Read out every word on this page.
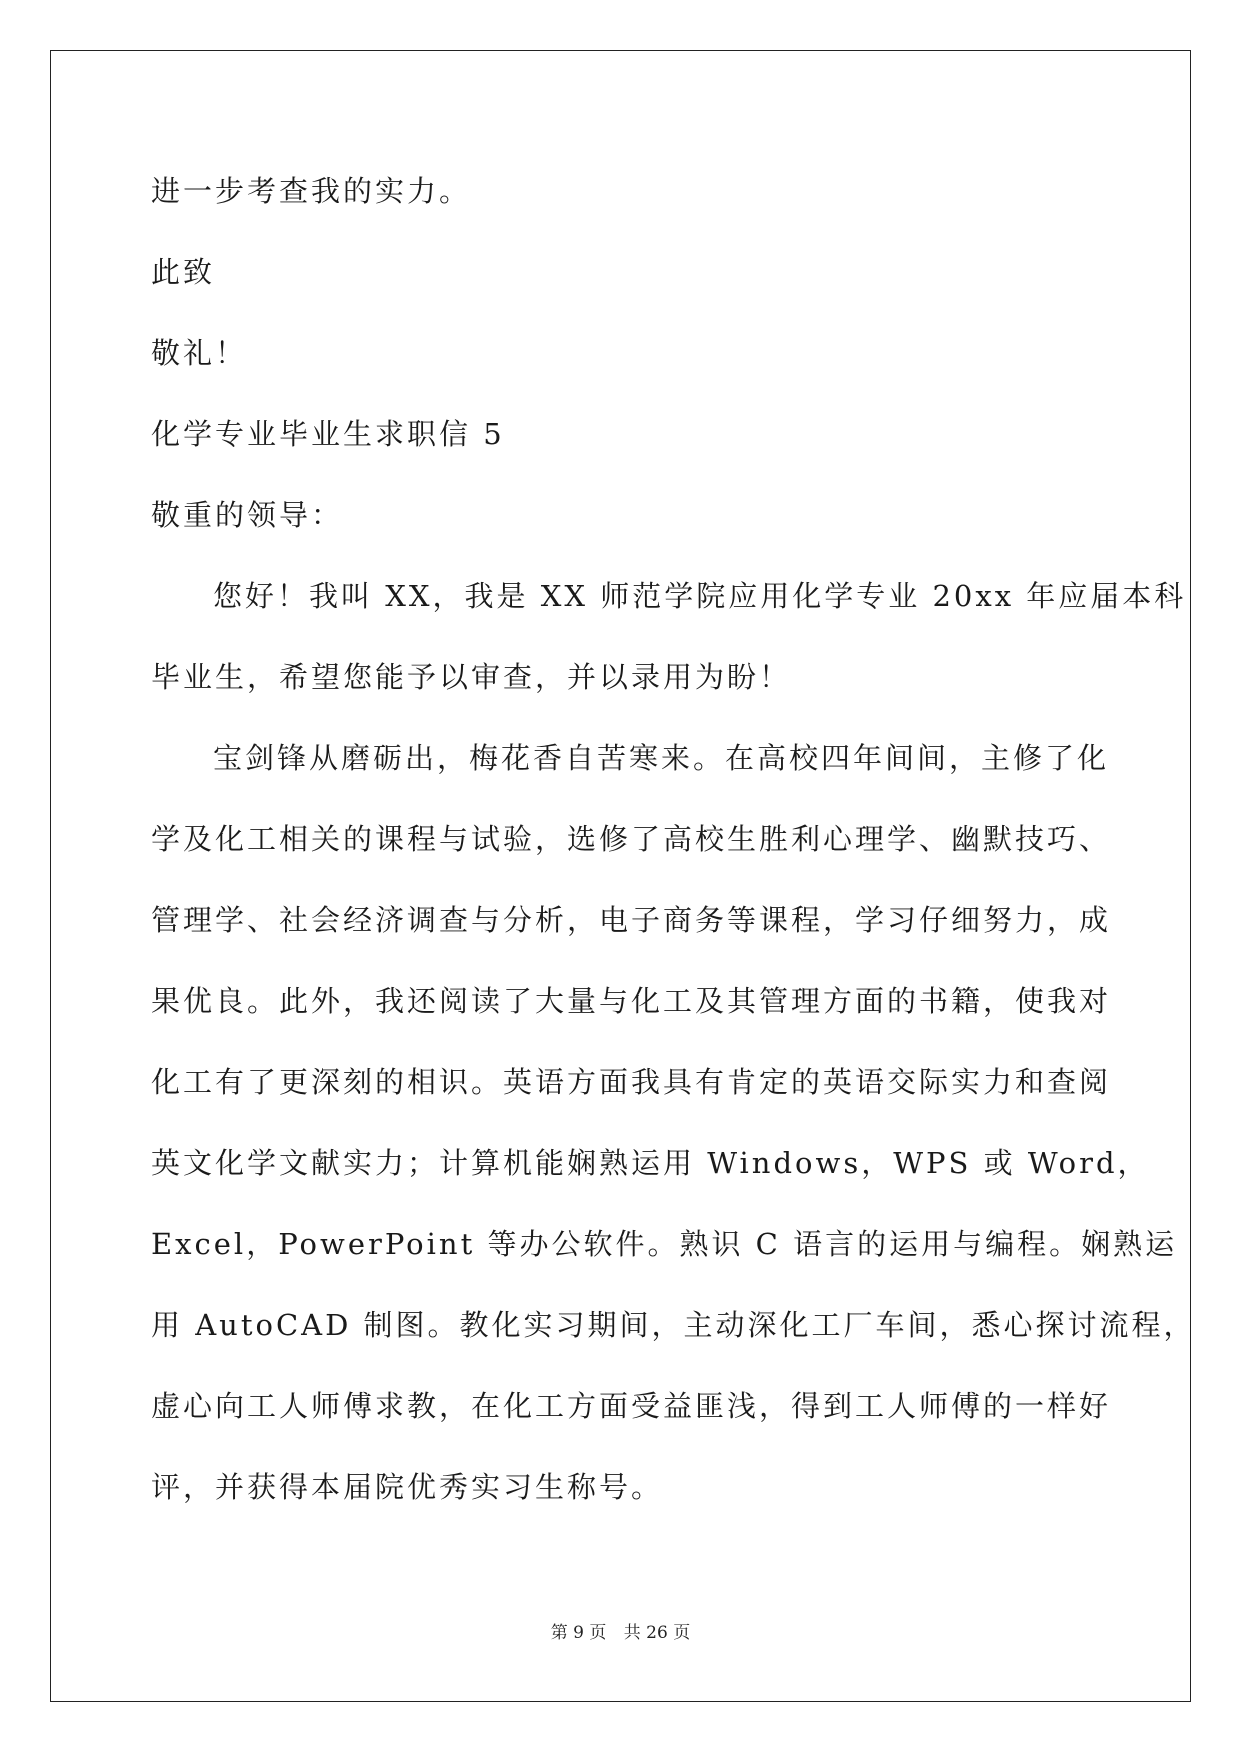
进一步考查我的实力。
此致
敬礼！
化学专业毕业生求职信 5
敬重的领导：
您好！我叫 XX，我是 XX 师范学院应用化学专业 20xx 年应届本科
毕业生，希望您能予以审查，并以录用为盼！
宝剑锋从磨砺出，梅花香自苦寒来。在高校四年间间，主修了化
学及化工相关的课程与试验，选修了高校生胜利心理学、幽默技巧、
管理学、社会经济调查与分析，电子商务等课程，学习仔细努力，成
果优良。此外，我还阅读了大量与化工及其管理方面的书籍，使我对
化工有了更深刻的相识。英语方面我具有肯定的英语交际实力和查阅
英文化学文献实力；计算机能娴熟运用 Windows，WPS 或 Word，
Excel，PowerPoint 等办公软件。熟识 C 语言的运用与编程。娴熟运
用 AutoCAD 制图。教化实习期间，主动深化工厂车间，悉心探讨流程，
虚心向工人师傅求教，在化工方面受益匪浅，得到工人师傅的一样好
评，并获得本届院优秀实习生称号。
第 9 页 共 26 页
